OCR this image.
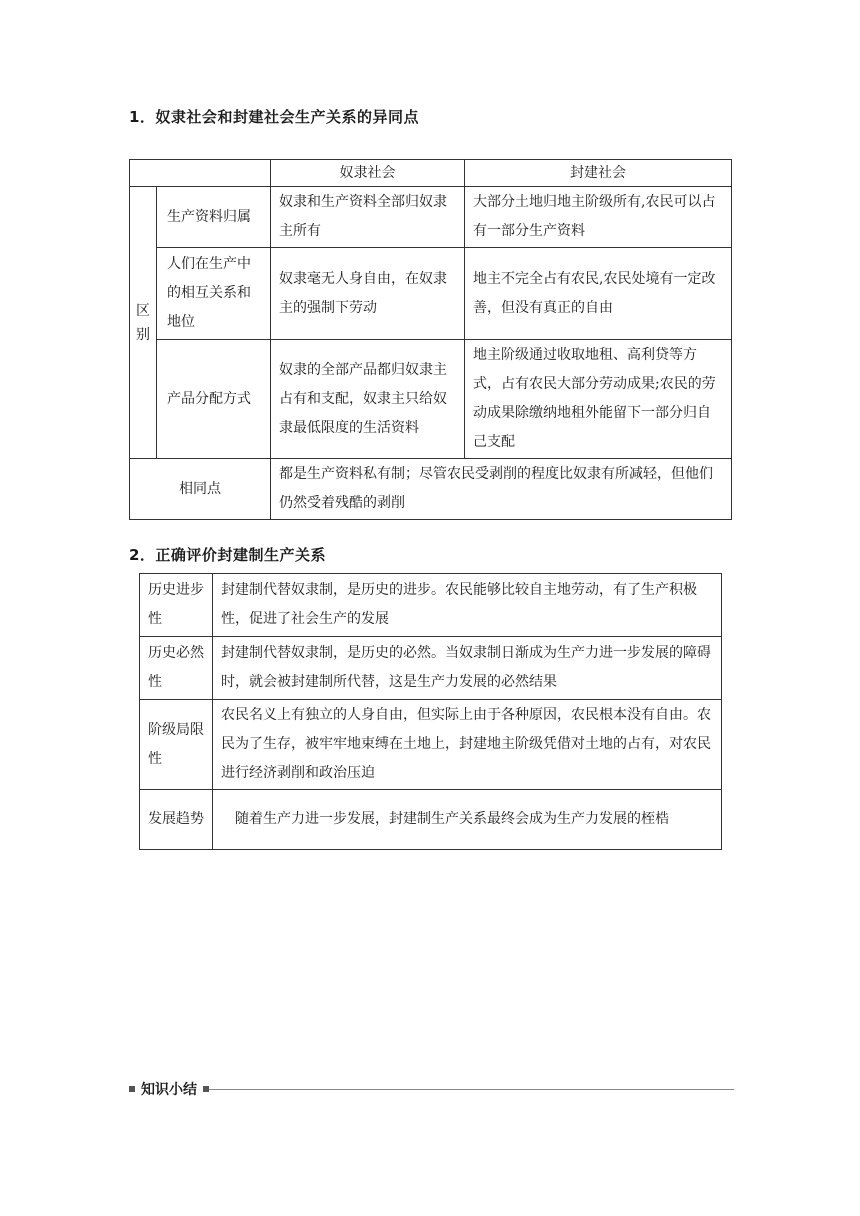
1．奴隶社会和封建社会生产关系的异同点
		奴隶社会	封建社会
区
别	生产资料归属	奴隶和生产资料全部归奴隶主所有	大部分土地归地主阶级所有,农民可以占有一部分生产资料
	人们在生产中的相互关系和地位	奴隶毫无人身自由，在奴隶主的强制下劳动	地主不完全占有农民,农民处境有一定改善，但没有真正的自由
	产品分配方式	奴隶的全部产品都归奴隶主占有和支配，奴隶主只给奴隶最低限度的生活资料	地主阶级通过收取地租、高利贷等方式，占有农民大部分劳动成果;农民的劳动成果除缴纳地租外能留下一部分归自己支配
相同点		都是生产资料私有制；尽管农民受剥削的程度比奴隶有所减轻，但他们仍然受着残酷的剥削	
2．正确评价封建制生产关系
历史进步性	封建制代替奴隶制，是历史的进步。农民能够比较自主地劳动，有了生产积极性，促进了社会生产的发展
历史必然性	封建制代替奴隶制，是历史的必然。当奴隶制日渐成为生产力进一步发展的障碍时，就会被封建制所代替，这是生产力发展的必然结果
阶级局限性	农民名义上有独立的人身自由，但实际上由于各种原因，农民根本没有自由。农民为了生存，被牢牢地束缚在土地上，封建地主阶级凭借对土地的占有，对农民进行经济剥削和政治压迫
发展趋势	随着生产力进一步发展，封建制生产关系最终会成为生产力发展的桎梏
知识小结
